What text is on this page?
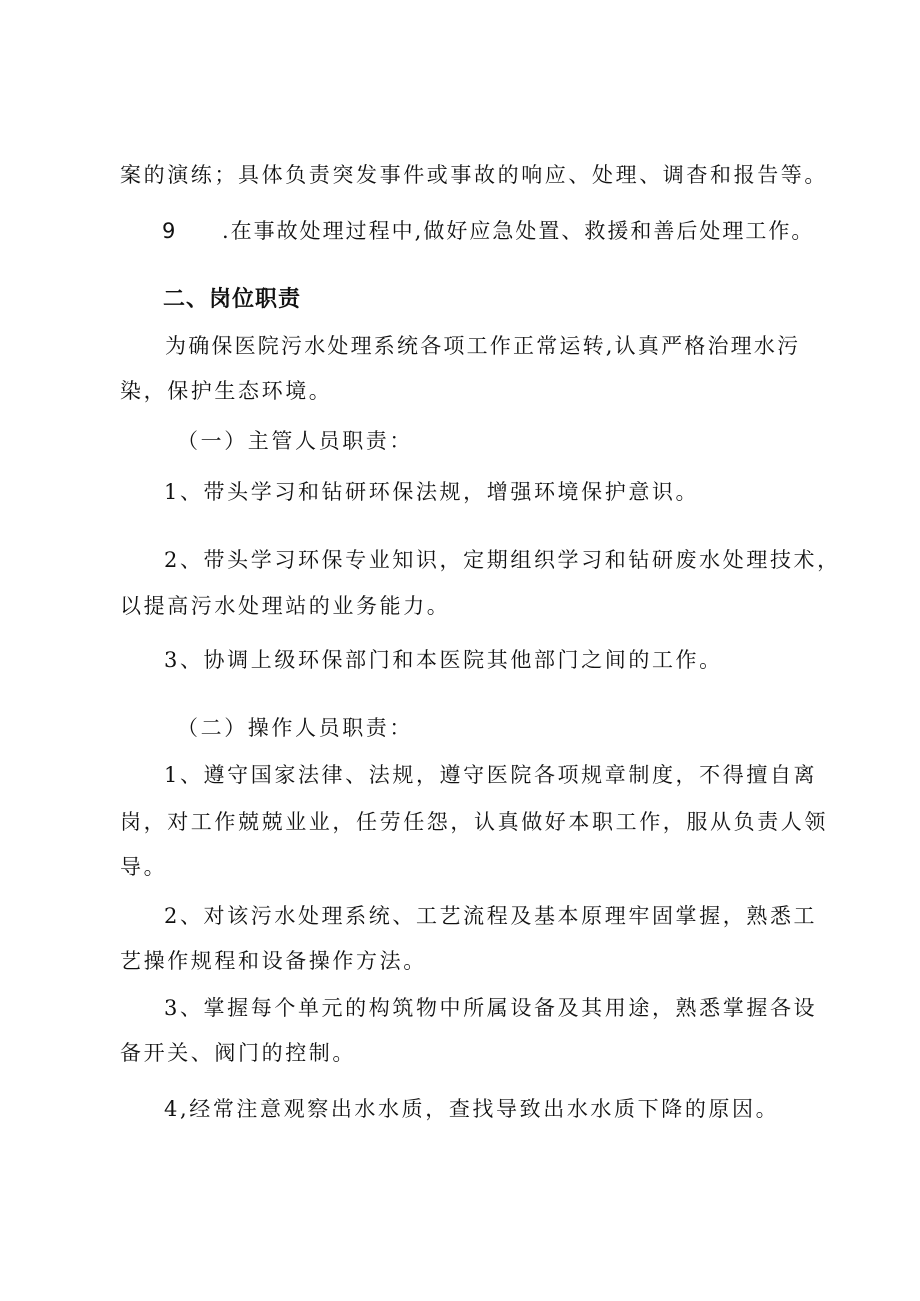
案的演练；具体负责突发事件或事故的响应、处理、调杳和报告等。
9 .在事故处理过程中,做好应急处置、救援和善后处理工作。
二、岗位职责
为确保医院污水处理系统各项工作正常运转,认真严格治理水污
染，保护生态环境。
（一）主管人员职责：
1、带头学习和钻研环保法规，增强环境保护意识。
2、带头学习环保专业知识，定期组织学习和钻研废水处理技术，
以提高污水处理站的业务能力。
3、协调上级环保部门和本医院其他部门之间的工作。
（二）操作人员职责：
1、遵守国家法律、法规，遵守医院各项规章制度，不得擅自离
岗，对工作兢兢业业，任劳任怨，认真做好本职工作，服从负责人领
导。
2、对该污水处理系统、工艺流程及基本原理牢固掌握，熟悉工
艺操作规程和设备操作方法。
3、掌握每个单元的构筑物中所属设备及其用途，熟悉掌握各设
备开关、阀门的控制。
4,经常注意观察出水水质，查找导致出水水质下降的原因。
